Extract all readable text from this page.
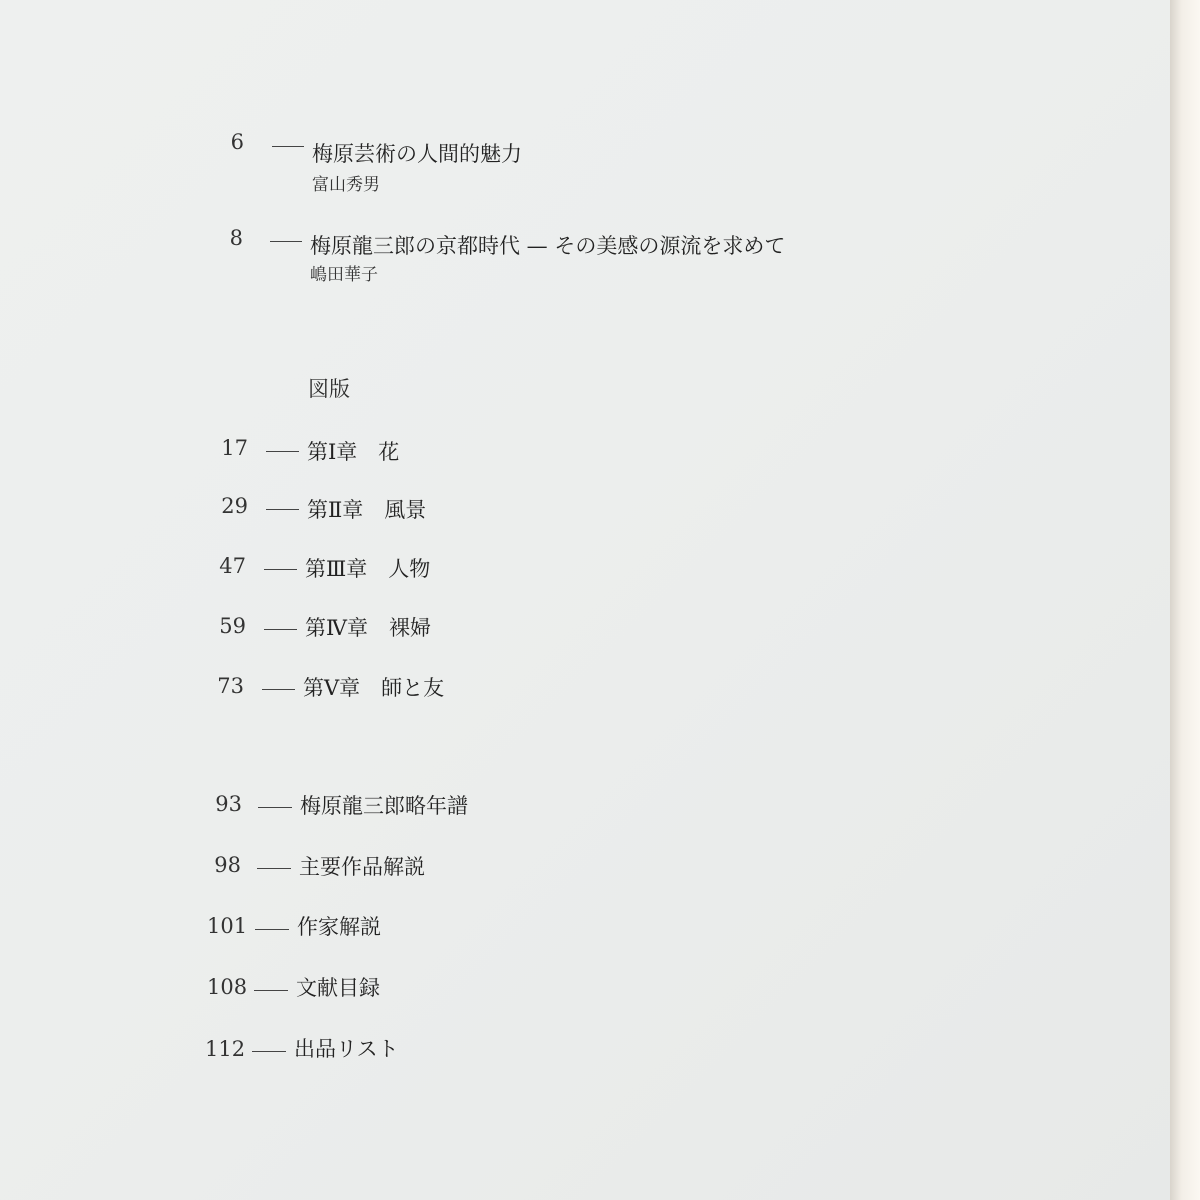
6	梅原芸術の人間的魅力
富山秀男
8	梅原龍三郎の京都時代 — その美感の源流を求めて
嶋田華子
図版
17	第Ⅰ章　花
29	第Ⅱ章　風景
47	第Ⅲ章　人物
59	第Ⅳ章　裸婦
73	第Ⅴ章　師と友
93	梅原龍三郎略年譜
98	主要作品解説
101 作家解説
108 文献目録
112 出品リスト
